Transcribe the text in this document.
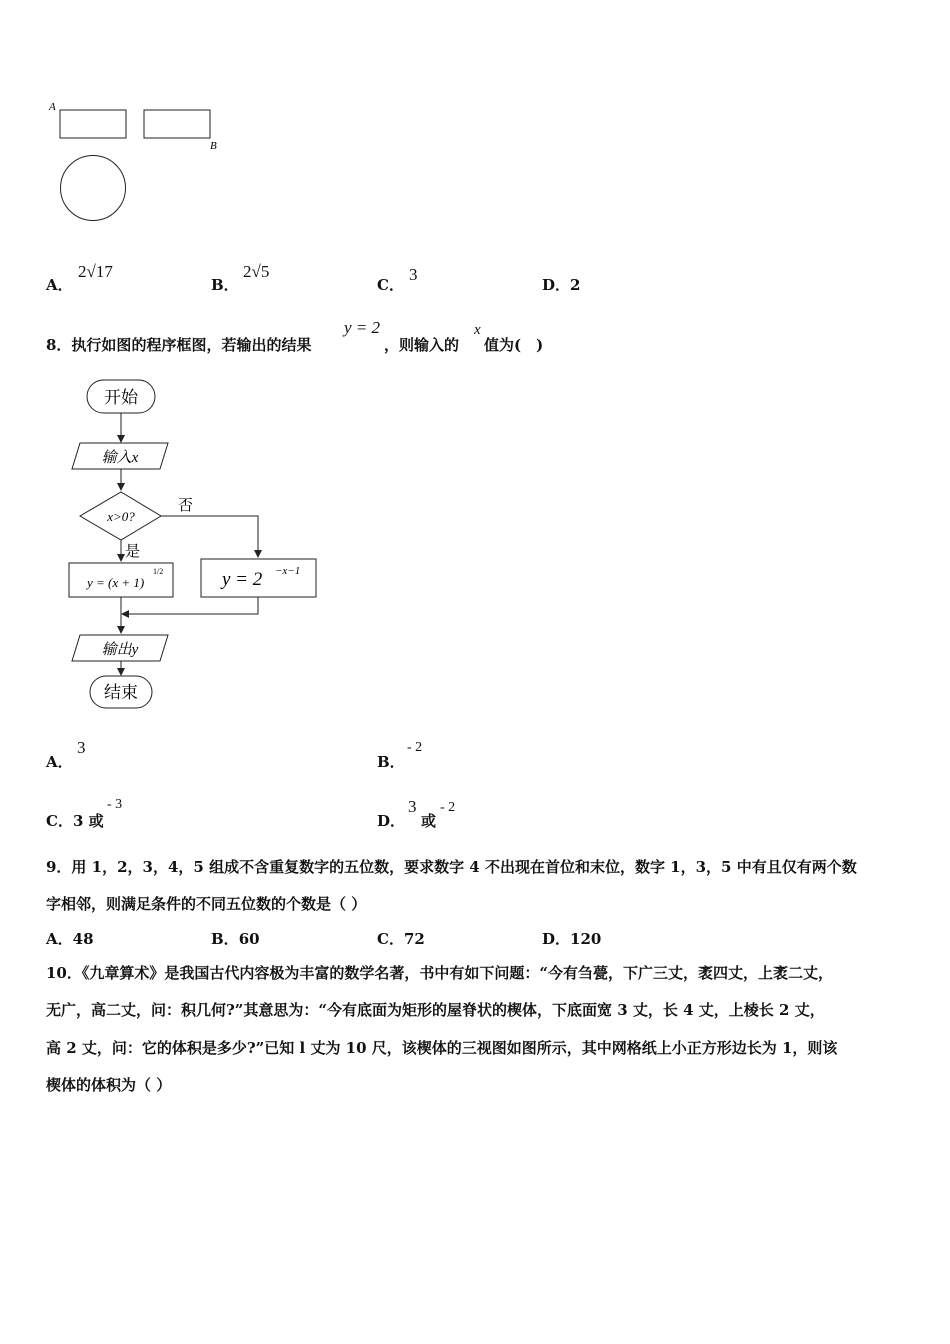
A
B
A．
2√17
B．
2√5
C．
3
D．2
8．执行如图的程序框图，若输出的结果
y = 2
，则输入的
x
值为(　)
开始
输入x
x>0?
否
是
y = (x + 1)
1/2	y = 2 −x−1
输出y
结束
A．
3
B．
- 2
C．3 或
- 3
D．
3
或
- 2
9．用 1，2，3，4，5 组成不含重复数字的五位数，要求数字 4 不出现在首位和末位，数字 1，3，5 中有且仅有两个数
字相邻，则满足条件的不同五位数的个数是（ ）
A．48	B．60	C．72	D．120
10．《九章算术》是我国古代内容极为丰富的数学名著，书中有如下问题：“今有刍甍，下广三丈，袤四丈，上袤二丈，
无广，高二丈，问：积几何?”其意思为：“今有底面为矩形的屋脊状的楔体，下底面宽 3 丈，长 4 丈，上棱长 2 丈，
高 2 丈，问：它的体积是多少?”已知 l 丈为 10 尺，该楔体的三视图如图所示，其中网格纸上小正方形边长为 1，则该
楔体的体积为（ ）
